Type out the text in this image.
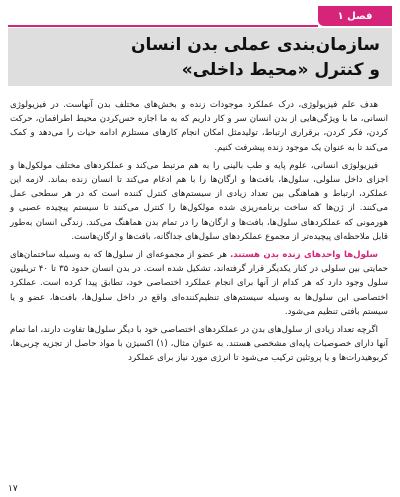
فصل ۱
سازمان‌بندی عملی بدن انسان
و کنترل «محیط داخلی»

هدف علم فیزیولوژی، درک عملکرد موجودات زنده و بخش‌های مختلف بدن آنهاست. در فیزیولوژی انسانی، ما با ویژگی‌هایی از بدن انسان سر و کار داریم که به ما اجازه حس‌کردن محیط اطرافمان، حرکت کردن، فکر کردن، برقراری ارتباط، تولیدمثل امکان انجام کارهای مستلزم ادامه حیات را می‌دهد و کمک می‌کند تا به عنوان یک موجود زنده پیشرفت کنیم.

فیزیولوژی انسانی، علوم پایه و طب بالینی را به هم مرتبط می‌کند و عملکردهای مختلف مولکول‌ها و اجزای داخل سلولی، سلول‌ها، بافت‌ها و ارگان‌ها را با هم ادغام می‌کند تا انسان زنده بماند. لازمه این عملکرد، ارتباط و هماهنگی بین تعداد زیادی از سیستم‌های کنترل کننده است که در هر سطحی عمل می‌کنند. از ژن‌ها که ساخت برنامه‌ریزی شده مولکول‌ها را کنترل می‌کنند تا سیستم پیچیده عصبی و هورمونی که عملکردهای سلول‌ها، بافت‌ها و ارگان‌ها را در تمام بدن هماهنگ می‌کند. زندگی انسان به‌طور قابل ملاحظه‌ای پیچیده‌تر از مجموع عملکردهای سلول‌های جداگانه، بافت‌ها و ارگان‌هاست.

سلول‌ها واحدهای زنده بدن هستند. هر عضو از مجموعه‌ای از سلول‌ها که به وسیله ساختمان‌های حمایتی بین سلولی در کنار یکدیگر قرار گرفته‌اند، تشکیل شده است. در بدن انسان حدود ۳۵ تا ۴۰ تریلیون سلول وجود دارد که هر کدام از آنها برای انجام عملکرد اختصاصی خود، تطابق پیدا کرده است. عملکرد اختصاصی این سلول‌ها به وسیله سیستم‌های تنظیم‌کننده‌ای واقع در داخل سلول‌ها، بافت‌ها، عضو و یا سیستم بافتی تنظیم می‌شود.

اگرچه تعداد زیادی از سلول‌های بدن در عملکردهای اختصاصی خود با دیگر سلول‌ها تفاوت دارند، اما تمام آنها دارای خصوصیات پایه‌ای مشخصی هستند. به عنوان مثال، (۱) اکسیژن با مواد حاصل از تجزیه چربی‌ها، کربوهیدرات‌ها و یا پروتئین ترکیب می‌شود تا انرژی مورد نیاز برای عملکرد

۱۷
